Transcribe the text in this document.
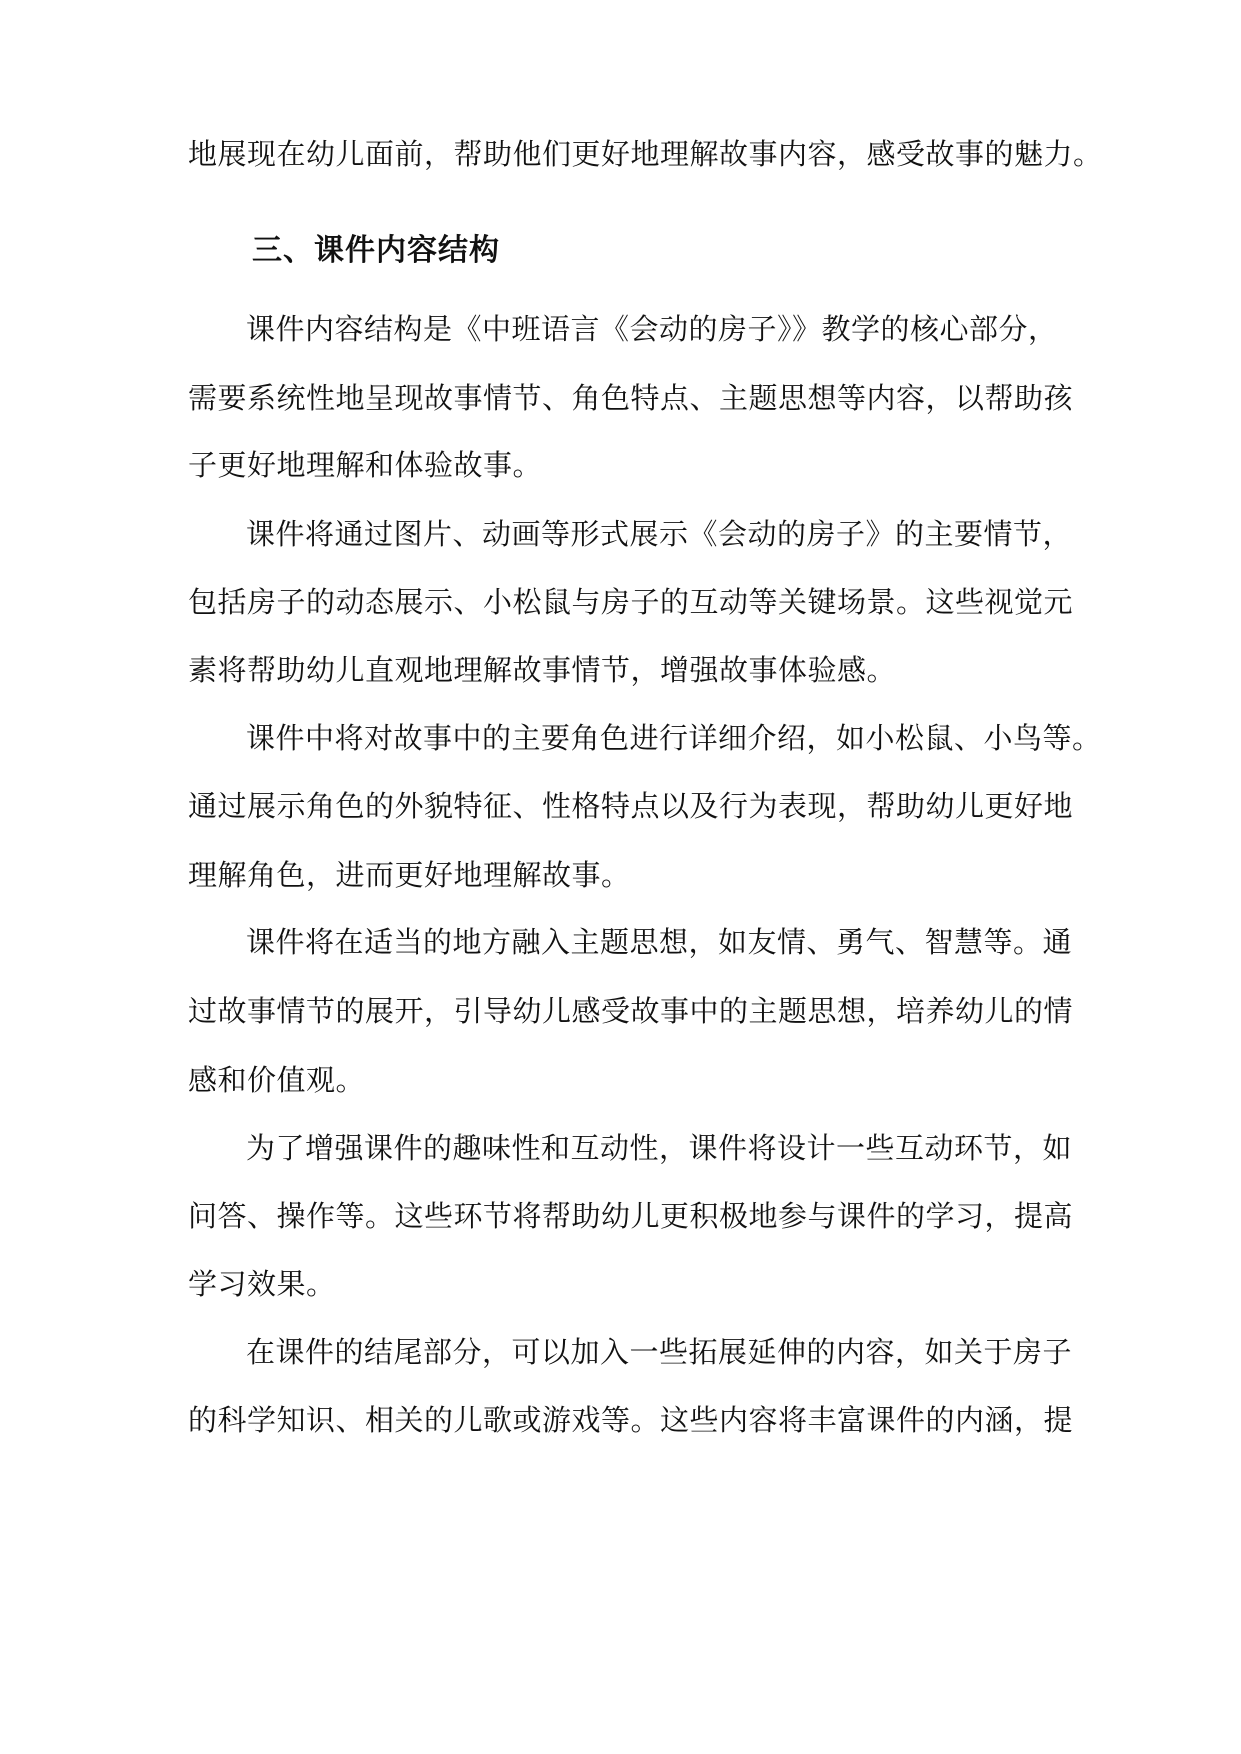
地展现在幼儿面前，帮助他们更好地理解故事内容，感受故事的魅力。
三、课件内容结构
课件内容结构是《中班语言《会动的房子》》教学的核心部分，
需要系统性地呈现故事情节、角色特点、主题思想等内容，以帮助孩
子更好地理解和体验故事。
课件将通过图片、动画等形式展示《会动的房子》的主要情节，
包括房子的动态展示、小松鼠与房子的互动等关键场景。这些视觉元
素将帮助幼儿直观地理解故事情节，增强故事体验感。
课件中将对故事中的主要角色进行详细介绍，如小松鼠、小鸟等。
通过展示角色的外貌特征、性格特点以及行为表现，帮助幼儿更好地
理解角色，进而更好地理解故事。
课件将在适当的地方融入主题思想，如友情、勇气、智慧等。通
过故事情节的展开，引导幼儿感受故事中的主题思想，培养幼儿的情
感和价值观。
为了增强课件的趣味性和互动性，课件将设计一些互动环节，如
问答、操作等。这些环节将帮助幼儿更积极地参与课件的学习，提高
学习效果。
在课件的结尾部分，可以加入一些拓展延伸的内容，如关于房子
的科学知识、相关的儿歌或游戏等。这些内容将丰富课件的内涵，提
